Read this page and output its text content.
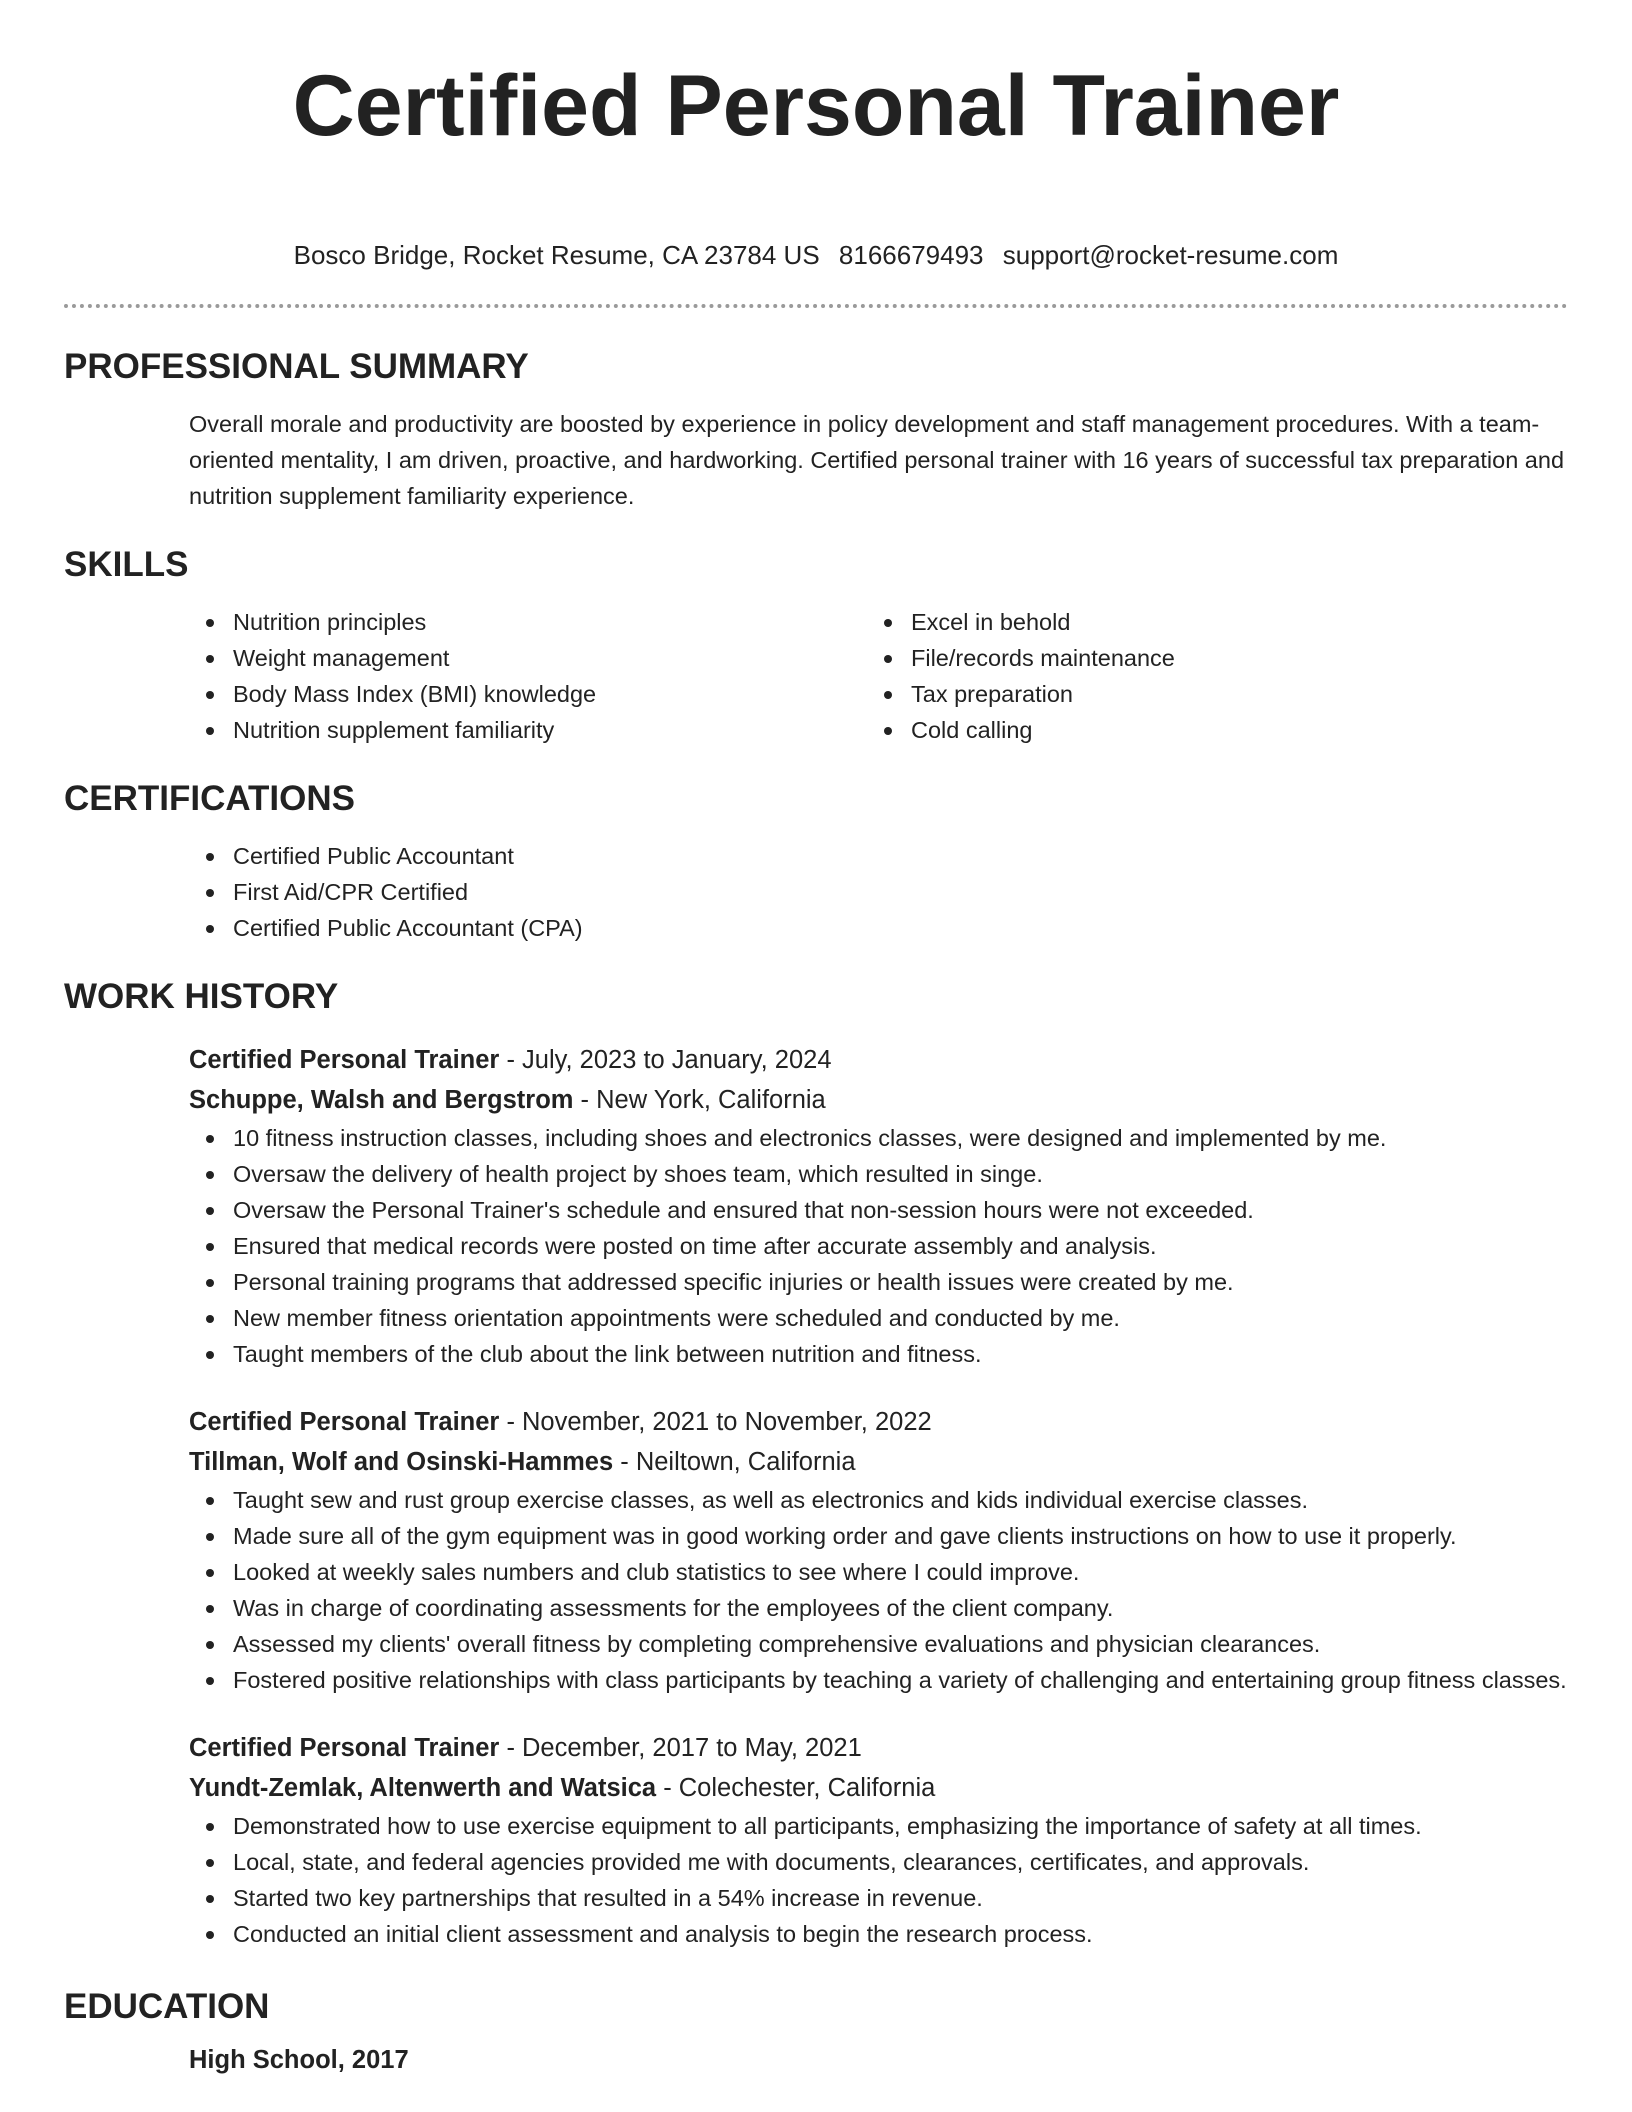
Certified Personal Trainer
Bosco Bridge, Rocket Resume, CA 23784 US 8166679493 support@rocket-resume.com
PROFESSIONAL SUMMARY

Overall morale and productivity are boosted by experience in policy development and staff management procedures. With a team-oriented mentality, I am driven, proactive, and hardworking. Certified personal trainer with 16 years of successful tax preparation and nutrition supplement familiarity experience.

SKILLS
Nutrition principles
Weight management
Body Mass Index (BMI) knowledge
Nutrition supplement familiarity
Excel in behold
File/records maintenance
Tax preparation
Cold calling
CERTIFICATIONS
Certified Public Accountant
First Aid/CPR Certified
Certified Public Accountant (CPA)
WORK HISTORY
Certified Personal Trainer - July, 2023 to January, 2024
Schuppe, Walsh and Bergstrom - New York, California
10 fitness instruction classes, including shoes and electronics classes, were designed and implemented by me.
Oversaw the delivery of health project by shoes team, which resulted in singe.
Oversaw the Personal Trainer's schedule and ensured that non-session hours were not exceeded.
Ensured that medical records were posted on time after accurate assembly and analysis.
Personal training programs that addressed specific injuries or health issues were created by me.
New member fitness orientation appointments were scheduled and conducted by me.
Taught members of the club about the link between nutrition and fitness.
Certified Personal Trainer - November, 2021 to November, 2022
Tillman, Wolf and Osinski-Hammes - Neiltown, California
Taught sew and rust group exercise classes, as well as electronics and kids individual exercise classes.
Made sure all of the gym equipment was in good working order and gave clients instructions on how to use it properly.
Looked at weekly sales numbers and club statistics to see where I could improve.
Was in charge of coordinating assessments for the employees of the client company.
Assessed my clients' overall fitness by completing comprehensive evaluations and physician clearances.
Fostered positive relationships with class participants by teaching a variety of challenging and entertaining group fitness classes.
Certified Personal Trainer - December, 2017 to May, 2021
Yundt-Zemlak, Altenwerth and Watsica - Colechester, California
Demonstrated how to use exercise equipment to all participants, emphasizing the importance of safety at all times.
Local, state, and federal agencies provided me with documents, clearances, certificates, and approvals.
Started two key partnerships that resulted in a 54% increase in revenue.
Conducted an initial client assessment and analysis to begin the research process.
EDUCATION
High School, 2017
